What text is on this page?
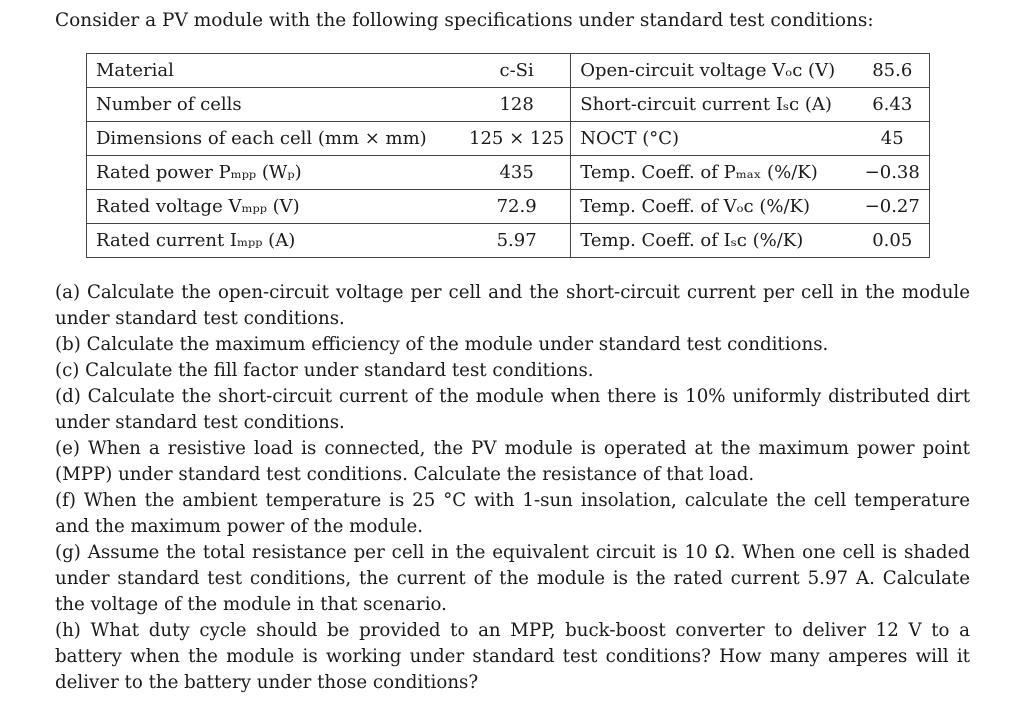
Consider a PV module with the following specifications under standard test conditions:
Material	c-Si	Open-circuit voltage Vₒᴄ (V)	85.6
Number of cells	128	Short-circuit current Iₛᴄ (A)	6.43
Dimensions of each cell (mm × mm)	125 × 125	NOCT (°C)	45
Rated power Pₘₚₚ (Wₚ)	435	Temp. Coeff. of Pₘₐₓ (%/K)	−0.38
Rated voltage Vₘₚₚ (V)	72.9	Temp. Coeff. of Vₒᴄ (%/K)	−0.27
Rated current Iₘₚₚ (A)	5.97	Temp. Coeff. of Iₛᴄ (%/K)	0.05

(a) Calculate the open-circuit voltage per cell and the short-circuit current per cell in the module under standard test conditions.

(b) Calculate the maximum efficiency of the module under standard test conditions.

(c) Calculate the fill factor under standard test conditions.

(d) Calculate the short-circuit current of the module when there is 10% uniformly distributed dirt under standard test conditions.

(e) When a resistive load is connected, the PV module is operated at the maximum power point (MPP) under standard test conditions. Calculate the resistance of that load.

(f) When the ambient temperature is 25 °C with 1-sun insolation, calculate the cell temperature and the maximum power of the module.

(g) Assume the total resistance per cell in the equivalent circuit is 10 Ω. When one cell is shaded under standard test conditions, the current of the module is the rated current 5.97 A. Calculate the voltage of the module in that scenario.

(h) What duty cycle should be provided to an MPP, buck-boost converter to deliver 12 V to a battery when the module is working under standard test conditions? How many amperes will it deliver to the battery under those conditions?
